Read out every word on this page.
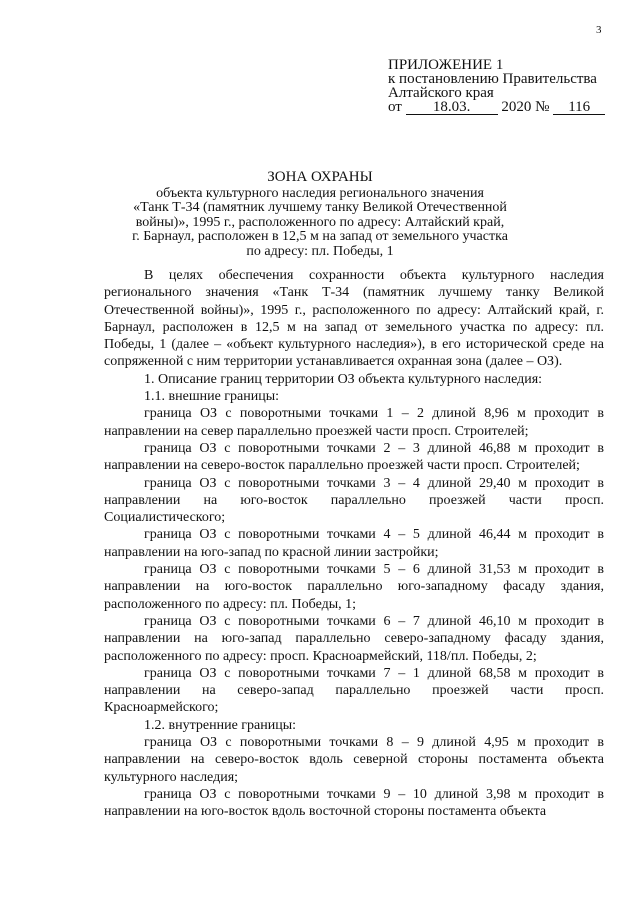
3
ПРИЛОЖЕНИЕ 1
к постановлению Правительства
Алтайского края
от 18.03. 2020 № 116
ЗОНА ОХРАНЫ
объекта культурного наследия регионального значения
«Танк Т-34 (памятник лучшему танку Великой Отечественной
войны)», 1995 г., расположенного по адресу: Алтайский край,
г. Барнаул, расположен в 12,5 м на запад от земельного участка
по адресу: пл. Победы, 1

В целях обеспечения сохранности объекта культурного наследия регионального значения «Танк Т-34 (памятник лучшему танку Великой Отечественной войны)», 1995 г., расположенного по адресу: Алтайский край, г. Барнаул, расположен в 12,5 м на запад от земельного участка по адресу: пл. Победы, 1 (далее – «объект культурного наследия»), в его исторической среде на сопряженной с ним территории устанавливается охранная зона (далее – ОЗ).

1. Описание границ территории ОЗ объекта культурного наследия:

1.1. внешние границы:

граница ОЗ с поворотными точками 1 – 2 длиной 8,96 м проходит в направлении на север параллельно проезжей части просп. Строителей;

граница ОЗ с поворотными точками 2 – 3 длиной 46,88 м проходит в направлении на северо-восток параллельно проезжей части просп. Строителей;

граница ОЗ с поворотными точками 3 – 4 длиной 29,40 м проходит в направлении на юго-восток параллельно проезжей части просп. Социалистического;

граница ОЗ с поворотными точками 4 – 5 длиной 46,44 м проходит в направлении на юго-запад по красной линии застройки;

граница ОЗ с поворотными точками 5 – 6 длиной 31,53 м проходит в направлении на юго-восток параллельно юго-западному фасаду здания, расположенного по адресу: пл. Победы, 1;

граница ОЗ с поворотными точками 6 – 7 длиной 46,10 м проходит в направлении на юго-запад параллельно северо-западному фасаду здания, расположенного по адресу: просп. Красноармейский, 118/пл. Победы, 2;

граница ОЗ с поворотными точками 7 – 1 длиной 68,58 м проходит в направлении на северо-запад параллельно проезжей части просп. Красноармейского;

1.2. внутренние границы:

граница ОЗ с поворотными точками 8 – 9 длиной 4,95 м проходит в направлении на северо-восток вдоль северной стороны постамента объекта культурного наследия;

граница ОЗ с поворотными точками 9 – 10 длиной 3,98 м проходит в направлении на юго-восток вдоль восточной стороны постамента объекта
